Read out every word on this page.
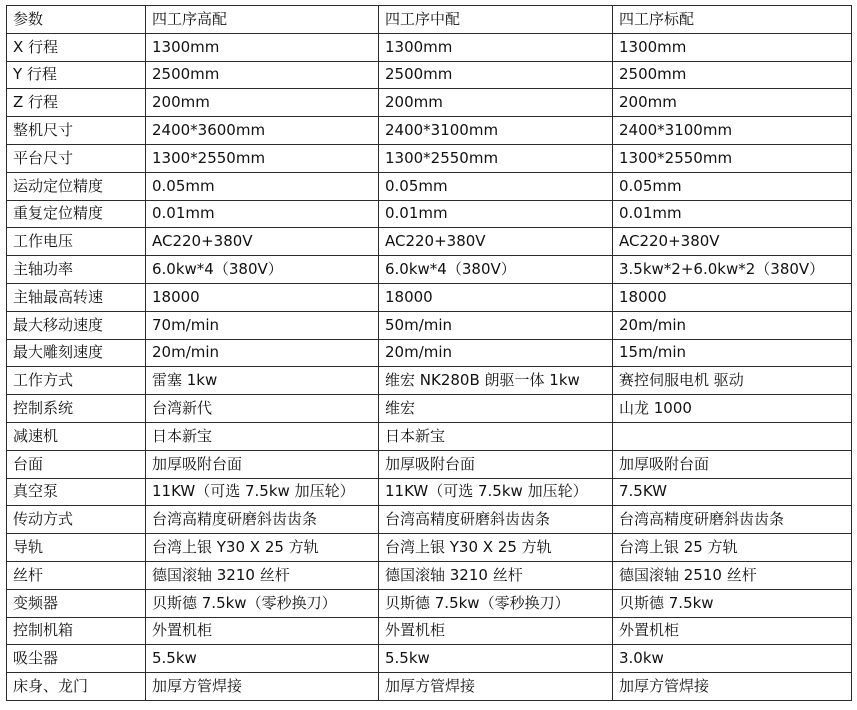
参数	四工序高配	四工序中配	四工序标配
X 行程	1300mm	1300mm	1300mm
Y 行程	2500mm	2500mm	2500mm
Z 行程	200mm	200mm	200mm
整机尺寸	2400*3600mm	2400*3100mm	2400*3100mm
平台尺寸	1300*2550mm	1300*2550mm	1300*2550mm
运动定位精度	0.05mm	0.05mm	0.05mm
重复定位精度	0.01mm	0.01mm	0.01mm
工作电压	AC220+380V	AC220+380V	AC220+380V
主轴功率	6.0kw*4（380V）	6.0kw*4（380V）	3.5kw*2+6.0kw*2（380V）
主轴最高转速	18000	18000	18000
最大移动速度	70m/min	50m/min	20m/min
最大雕刻速度	20m/min	20m/min	15m/min
工作方式	雷塞 1kw	维宏 NK280B 朗驱一体 1kw	赛控伺服电机 驱动
控制系统	台湾新代	维宏	山龙 1000
减速机	日本新宝	日本新宝	
台面	加厚吸附台面	加厚吸附台面	加厚吸附台面
真空泵	11KW（可选 7.5kw 加压轮）	11KW（可选 7.5kw 加压轮）	7.5KW
传动方式	台湾高精度研磨斜齿齿条	台湾高精度研磨斜齿齿条	台湾高精度研磨斜齿齿条
导轨	台湾上银 Y30 X 25 方轨	台湾上银 Y30 X 25 方轨	台湾上银 25 方轨
丝杆	德国滚轴 3210 丝杆	德国滚轴 3210 丝杆	德国滚轴 2510 丝杆
变频器	贝斯德 7.5kw（零秒换刀）	贝斯德 7.5kw（零秒换刀）	贝斯德 7.5kw
控制机箱	外置机柜	外置机柜	外置机柜
吸尘器	5.5kw	5.5kw	3.0kw
床身、龙门	加厚方管焊接	加厚方管焊接	加厚方管焊接
